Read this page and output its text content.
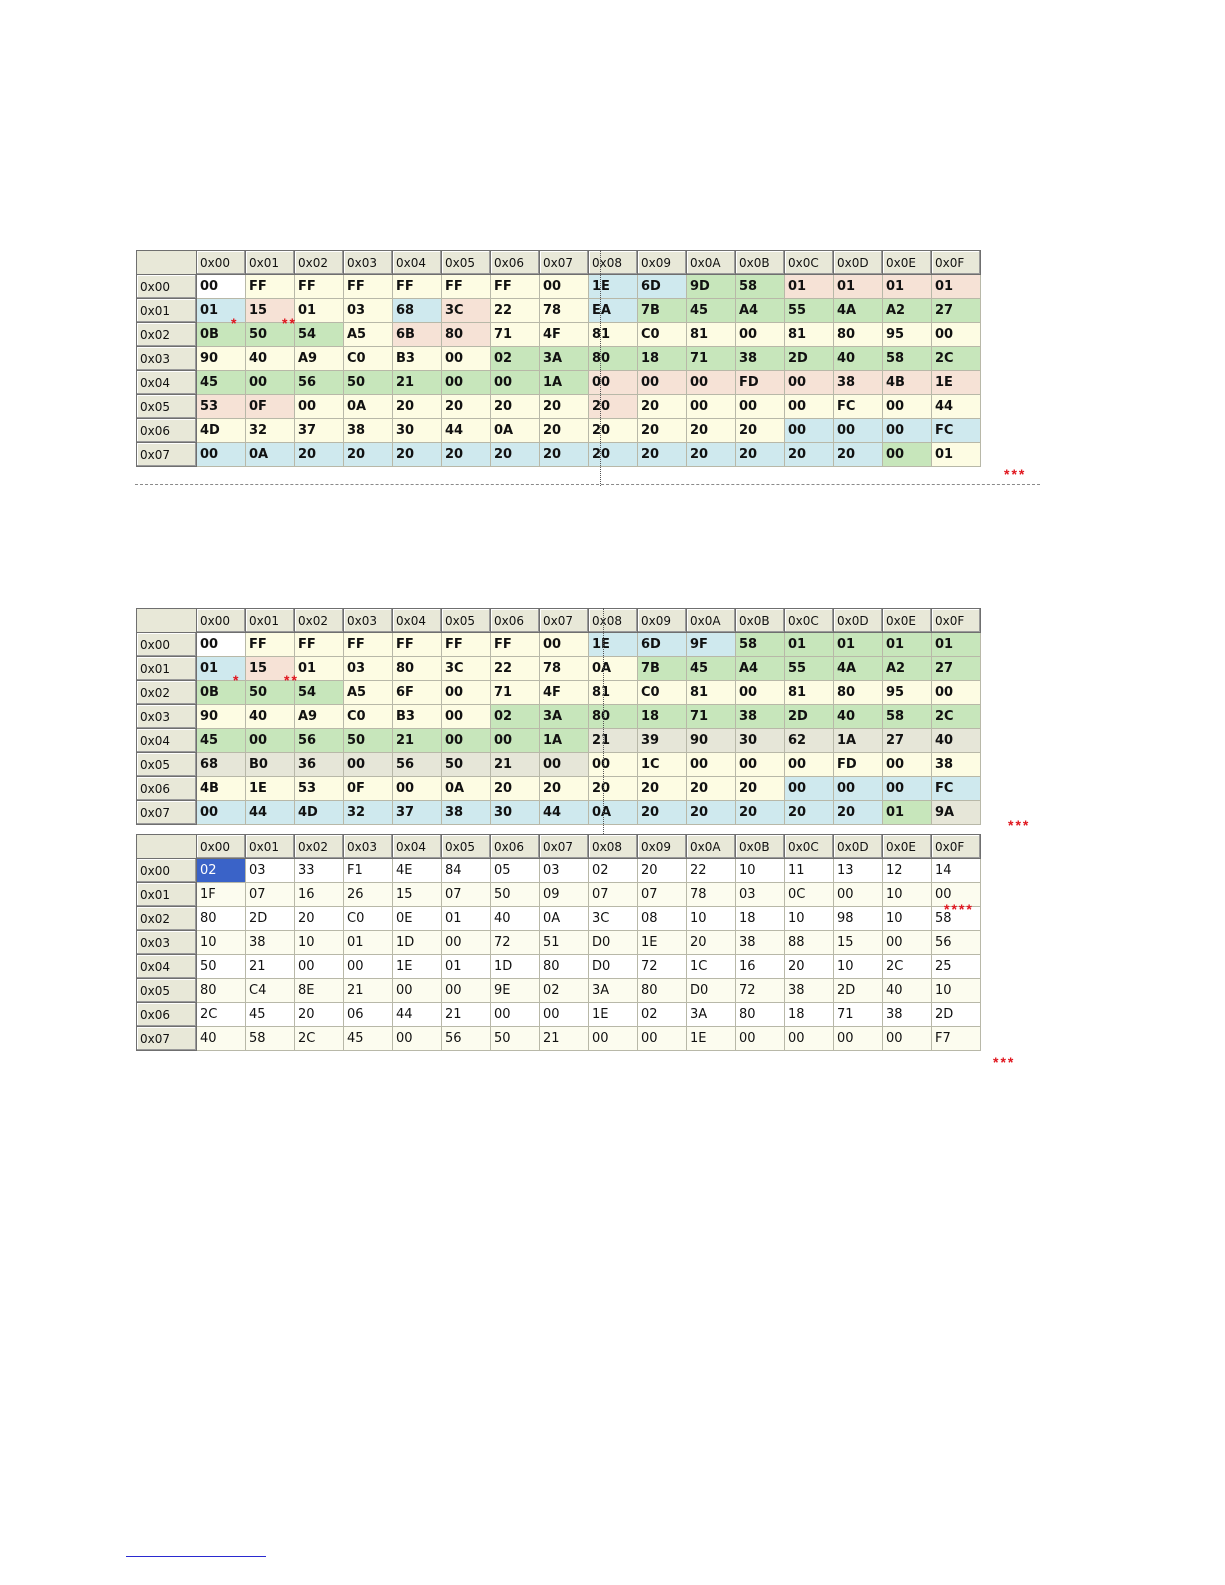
	0x00	0x01	0x02	0x03	0x04	0x05	0x06	0x07	0x08	0x09	0x0A	0x0B	0x0C	0x0D	0x0E	0x0F
0x00	00	FF	FF	FF	FF	FF	FF	00	1E	6D	9D	58	01	01	01	01
0x01	01	15	01	03	68	3C	22	78	EA	7B	45	A4	55	4A	A2	27
0x02	0B	50	54	A5	6B	80	71	4F	81	C0	81	00	81	80	95	00
0x03	90	40	A9	C0	B3	00	02	3A	80	18	71	38	2D	40	58	2C
0x04	45	00	56	50	21	00	00	1A	00	00	00	FD	00	38	4B	1E
0x05	53	0F	00	0A	20	20	20	20	20	20	00	00	00	FC	00	44
0x06	4D	32	37	38	30	44	0A	20	20	20	20	20	00	00	00	FC
0x07	00	0A	20	20	20	20	20	20	20	20	20	20	20	20	00	01
	0x00	0x01	0x02	0x03	0x04	0x05	0x06	0x07	0x08	0x09	0x0A	0x0B	0x0C	0x0D	0x0E	0x0F
0x00	00	FF	FF	FF	FF	FF	FF	00	1E	6D	9F	58	01	01	01	01
0x01	01	15	01	03	80	3C	22	78	0A	7B	45	A4	55	4A	A2	27
0x02	0B	50	54	A5	6F	00	71	4F	81	C0	81	00	81	80	95	00
0x03	90	40	A9	C0	B3	00	02	3A	80	18	71	38	2D	40	58	2C
0x04	45	00	56	50	21	00	00	1A	21	39	90	30	62	1A	27	40
0x05	68	B0	36	00	56	50	21	00	00	1C	00	00	00	FD	00	38
0x06	4B	1E	53	0F	00	0A	20	20	20	20	20	20	00	00	00	FC
0x07	00	44	4D	32	37	38	30	44	0A	20	20	20	20	20	01	9A
	0x00	0x01	0x02	0x03	0x04	0x05	0x06	0x07	0x08	0x09	0x0A	0x0B	0x0C	0x0D	0x0E	0x0F
0x00	02	03	33	F1	4E	84	05	03	02	20	22	10	11	13	12	14
0x01	1F	07	16	26	15	07	50	09	07	07	78	03	0C	00	10	00
0x02	80	2D	20	C0	0E	01	40	0A	3C	08	10	18	10	98	10	58
0x03	10	38	10	01	1D	00	72	51	D0	1E	20	38	88	15	00	56
0x04	50	21	00	00	1E	01	1D	80	D0	72	1C	16	20	10	2C	25
0x05	80	C4	8E	21	00	00	9E	02	3A	80	D0	72	38	2D	40	10
0x06	2C	45	20	06	44	21	00	00	1E	02	3A	80	18	71	38	2D
0x07	40	58	2C	45	00	56	50	21	00	00	1E	00	00	00	00	F7
*	**
***
*	**
***
****
***
